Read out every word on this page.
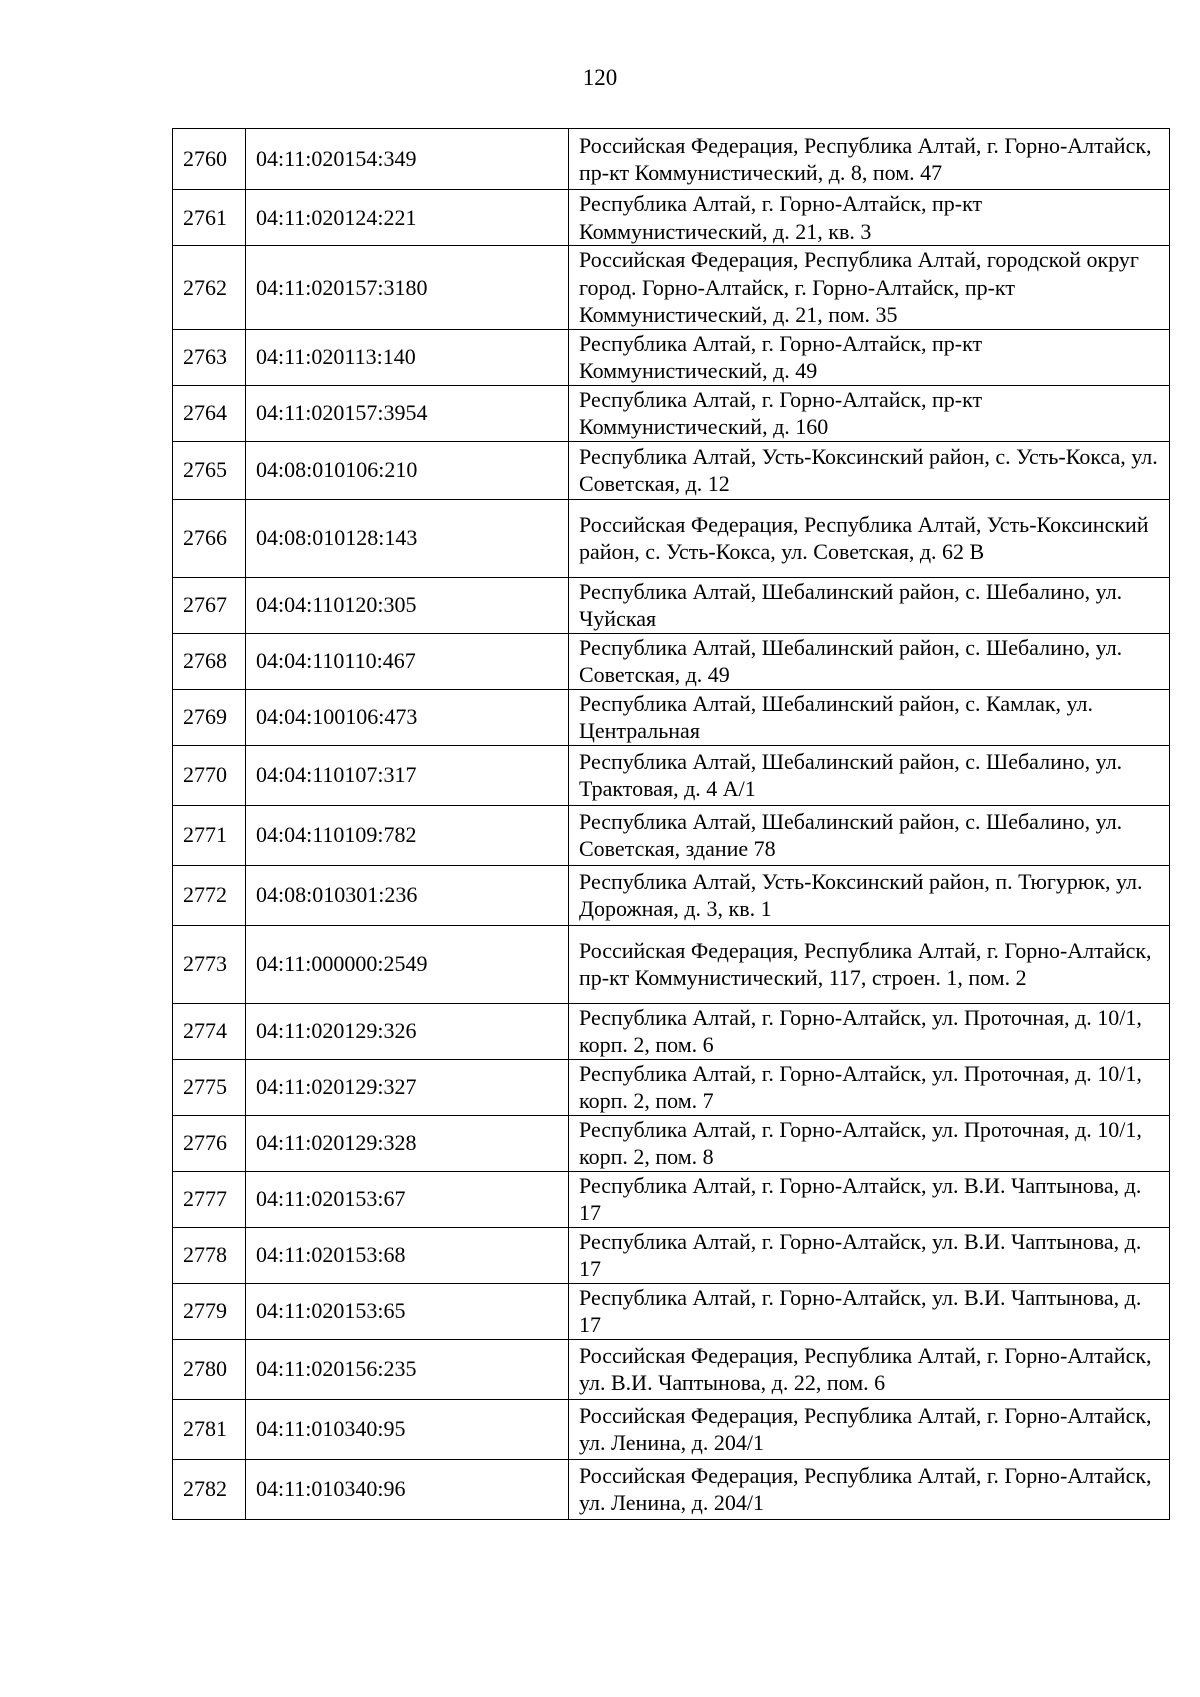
120
2760	04:11:020154:349	Российская Федерация, Республика Алтай, г. Горно-Алтайск, пр-кт Коммунистический, д. 8, пом. 47
2761	04:11:020124:221	Республика Алтай, г. Горно-Алтайск, пр-кт Коммунистический, д. 21, кв. 3
2762	04:11:020157:3180	Российская Федерация, Республика Алтай, городской округ город. Горно-Алтайск, г. Горно-Алтайск, пр-кт Коммунистический, д. 21, пом. 35
2763	04:11:020113:140	Республика Алтай, г. Горно-Алтайск, пр-кт Коммунистический, д. 49
2764	04:11:020157:3954	Республика Алтай, г. Горно-Алтайск, пр-кт Коммунистический, д. 160
2765	04:08:010106:210	Республика Алтай, Усть-Коксинский район, с. Усть-Кокса, ул. Советская, д. 12
2766	04:08:010128:143	Российская Федерация, Республика Алтай, Усть-Коксинский район, с. Усть-Кокса, ул. Советская, д. 62 В
2767	04:04:110120:305	Республика Алтай, Шебалинский район, с. Шебалино, ул. Чуйская
2768	04:04:110110:467	Республика Алтай, Шебалинский район, с. Шебалино, ул. Советская, д. 49
2769	04:04:100106:473	Республика Алтай, Шебалинский район, с. Камлак, ул. Центральная
2770	04:04:110107:317	Республика Алтай, Шебалинский район, с. Шебалино, ул. Трактовая, д. 4 А/1
2771	04:04:110109:782	Республика Алтай, Шебалинский район, с. Шебалино, ул. Советская, здание 78
2772	04:08:010301:236	Республика Алтай, Усть-Коксинский район, п. Тюгурюк, ул. Дорожная, д. 3, кв. 1
2773	04:11:000000:2549	Российская Федерация, Республика Алтай, г. Горно-Алтайск, пр-кт Коммунистический, 117, строен. 1, пом. 2
2774	04:11:020129:326	Республика Алтай, г. Горно-Алтайск, ул. Проточная, д. 10/1, корп. 2, пом. 6
2775	04:11:020129:327	Республика Алтай, г. Горно-Алтайск, ул. Проточная, д. 10/1, корп. 2, пом. 7
2776	04:11:020129:328	Республика Алтай, г. Горно-Алтайск, ул. Проточная, д. 10/1, корп. 2, пом. 8
2777	04:11:020153:67	Республика Алтай, г. Горно-Алтайск, ул. В.И. Чаптынова, д. 17
2778	04:11:020153:68	Республика Алтай, г. Горно-Алтайск, ул. В.И. Чаптынова, д. 17
2779	04:11:020153:65	Республика Алтай, г. Горно-Алтайск, ул. В.И. Чаптынова, д. 17
2780	04:11:020156:235	Российская Федерация, Республика Алтай, г. Горно-Алтайск, ул. В.И. Чаптынова, д. 22, пом. 6
2781	04:11:010340:95	Российская Федерация, Республика Алтай, г. Горно-Алтайск, ул. Ленина, д. 204/1
2782	04:11:010340:96	Российская Федерация, Республика Алтай, г. Горно-Алтайск, ул. Ленина, д. 204/1
